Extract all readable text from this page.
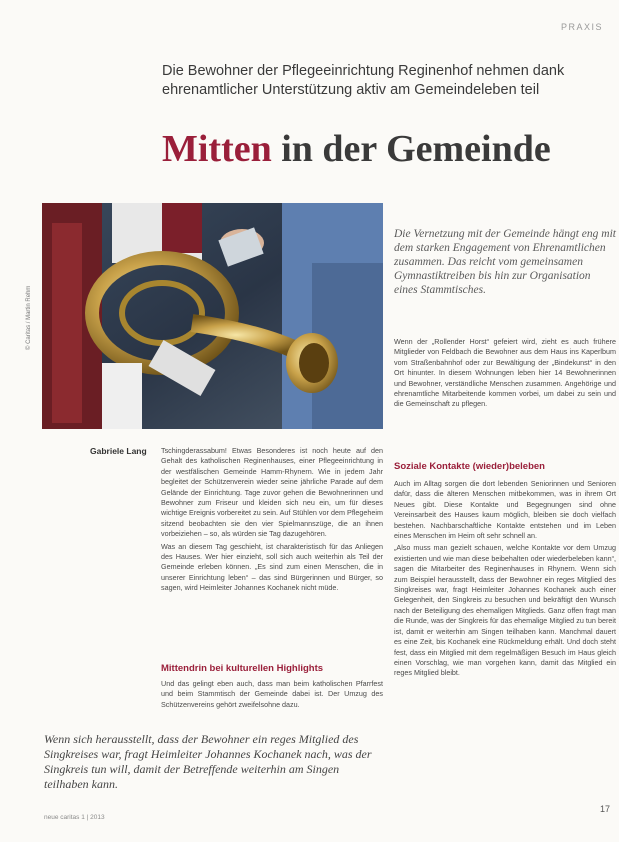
PRAXIS
Die Bewohner der Pflegeeinrichtung Reginenhof nehmen dank ehrenamtlicher Unterstützung aktiv am Gemeindeleben teil
Mitten in der Gemeinde
© Caritas / Martin Rehm
Die Vernetzung mit der Gemeinde hängt eng mit dem starken Engagement von Ehrenamtlichen zusammen. Das reicht vom gemeinsamen Gymnastiktreiben bis hin zur Organisation eines Stammtisches.
Gabriele Lang Tschingderassabum! Etwas Besonderes ist noch heute auf den Gehalt des katholischen Reginenhauses, einer Pflegeeinrichtung in der westfälischen Gemeinde Hamm-Rhynern. Wie in jedem Jahr begleitet der Schützenverein wieder seine jährliche Parade auf dem Gelände der Einrichtung. Tage zuvor gehen die Bewohnerinnen und Bewohner zum Friseur und kleiden sich neu ein, um für dieses wichtige Ereignis vorbereitet zu sein. Auf Stühlen vor dem Pflegeheim sitzend beobachten sie den vier Spielmannszüge, die an ihnen vorbeiziehen – so, als würden sie Tag dazugehören.

Was an diesem Tag geschieht, ist charakteristisch für das Anliegen des Hauses. Wer hier einzieht, soll sich auch weiterhin als Teil der Gemeinde erleben können. „Es sind zum einen Menschen, die in unserer Einrichtung leben“ – das sind Bürgerinnen und Bürger, so sagen, wird Heimleiter Johannes Kochanek nicht müde.

Mittendrin bei kulturellen Highlights

Und das gelingt eben auch, dass man beim katholischen Pfarrfest und beim Stammtisch der Gemeinde dabei ist. Der Umzug des Schützenvereins gehört zweifelsohne dazu.

Wenn sich herausstellt, dass der Bewohner ein reges Mitglied des Singkreises war, fragt Heimleiter Johannes Kochanek nach, was der Singkreis tun will, damit der Betreffende weiterhin am Singen teilhaben kann.

Wenn der „Rollender Horst“ gefeiert wird, zieht es auch frühere Mitglieder von Feldbach die Bewohner aus dem Haus ins Kaperlbum vom Straßenbahnhof oder zur Bewältigung der „Bindekunst“ in den Ort hinunter. In diesem Wohnungen leben hier 14 Bewohnerinnen und Bewohner, verständliche Menschen zusammen. Angehörige und ehrenamtliche Mitarbeitende kommen vorbei, um dabei zu sein und die Gemeinschaft zu pflegen.

Soziale Kontakte (wieder)beleben

Auch im Alltag sorgen die dort lebenden Seniorinnen und Senioren dafür, dass die älteren Menschen mitbekommen, was in ihrem Ort Neues gibt. Diese Kontakte und Begegnungen sind ohne Vereinsarbeit des Hauses kaum möglich, bleiben sie doch vielfach bestehen. Nachbarschaftliche Kontakte entstehen und im Leben eines Menschen im Heim oft sehr schnell an.

„Also muss man gezielt schauen, welche Kontakte vor dem Umzug existierten und wie man diese beibehalten oder wiederbeleben kann“, sagen die Mitarbeiter des Reginenhauses in Rhynern. Wenn sich zum Beispiel herausstellt, dass der Bewohner ein reges Mitglied des Singkreises war, fragt Heimleiter Johannes Kochanek auch einer Gelegenheit, den Singkreis zu besuchen und bekräftigt den Wunsch nach der Beteiligung des ehemaligen Mitglieds. Ganz offen fragt man die Runde, was der Singkreis für das ehemalige Mitglied zu tun bereit ist, damit er weiterhin am Singen teilhaben kann. Manchmal dauert es eine Zeit, bis Kochanek eine Rückmeldung erhält. Und doch steht fest, dass ein Mitglied mit dem regelmäßigen Besuch im Haus gleich einen Vorschlag, wie man vorgehen kann, damit das Mitglied ein reges Mitglied bleibt.

neue caritas 1 | 2013
17
